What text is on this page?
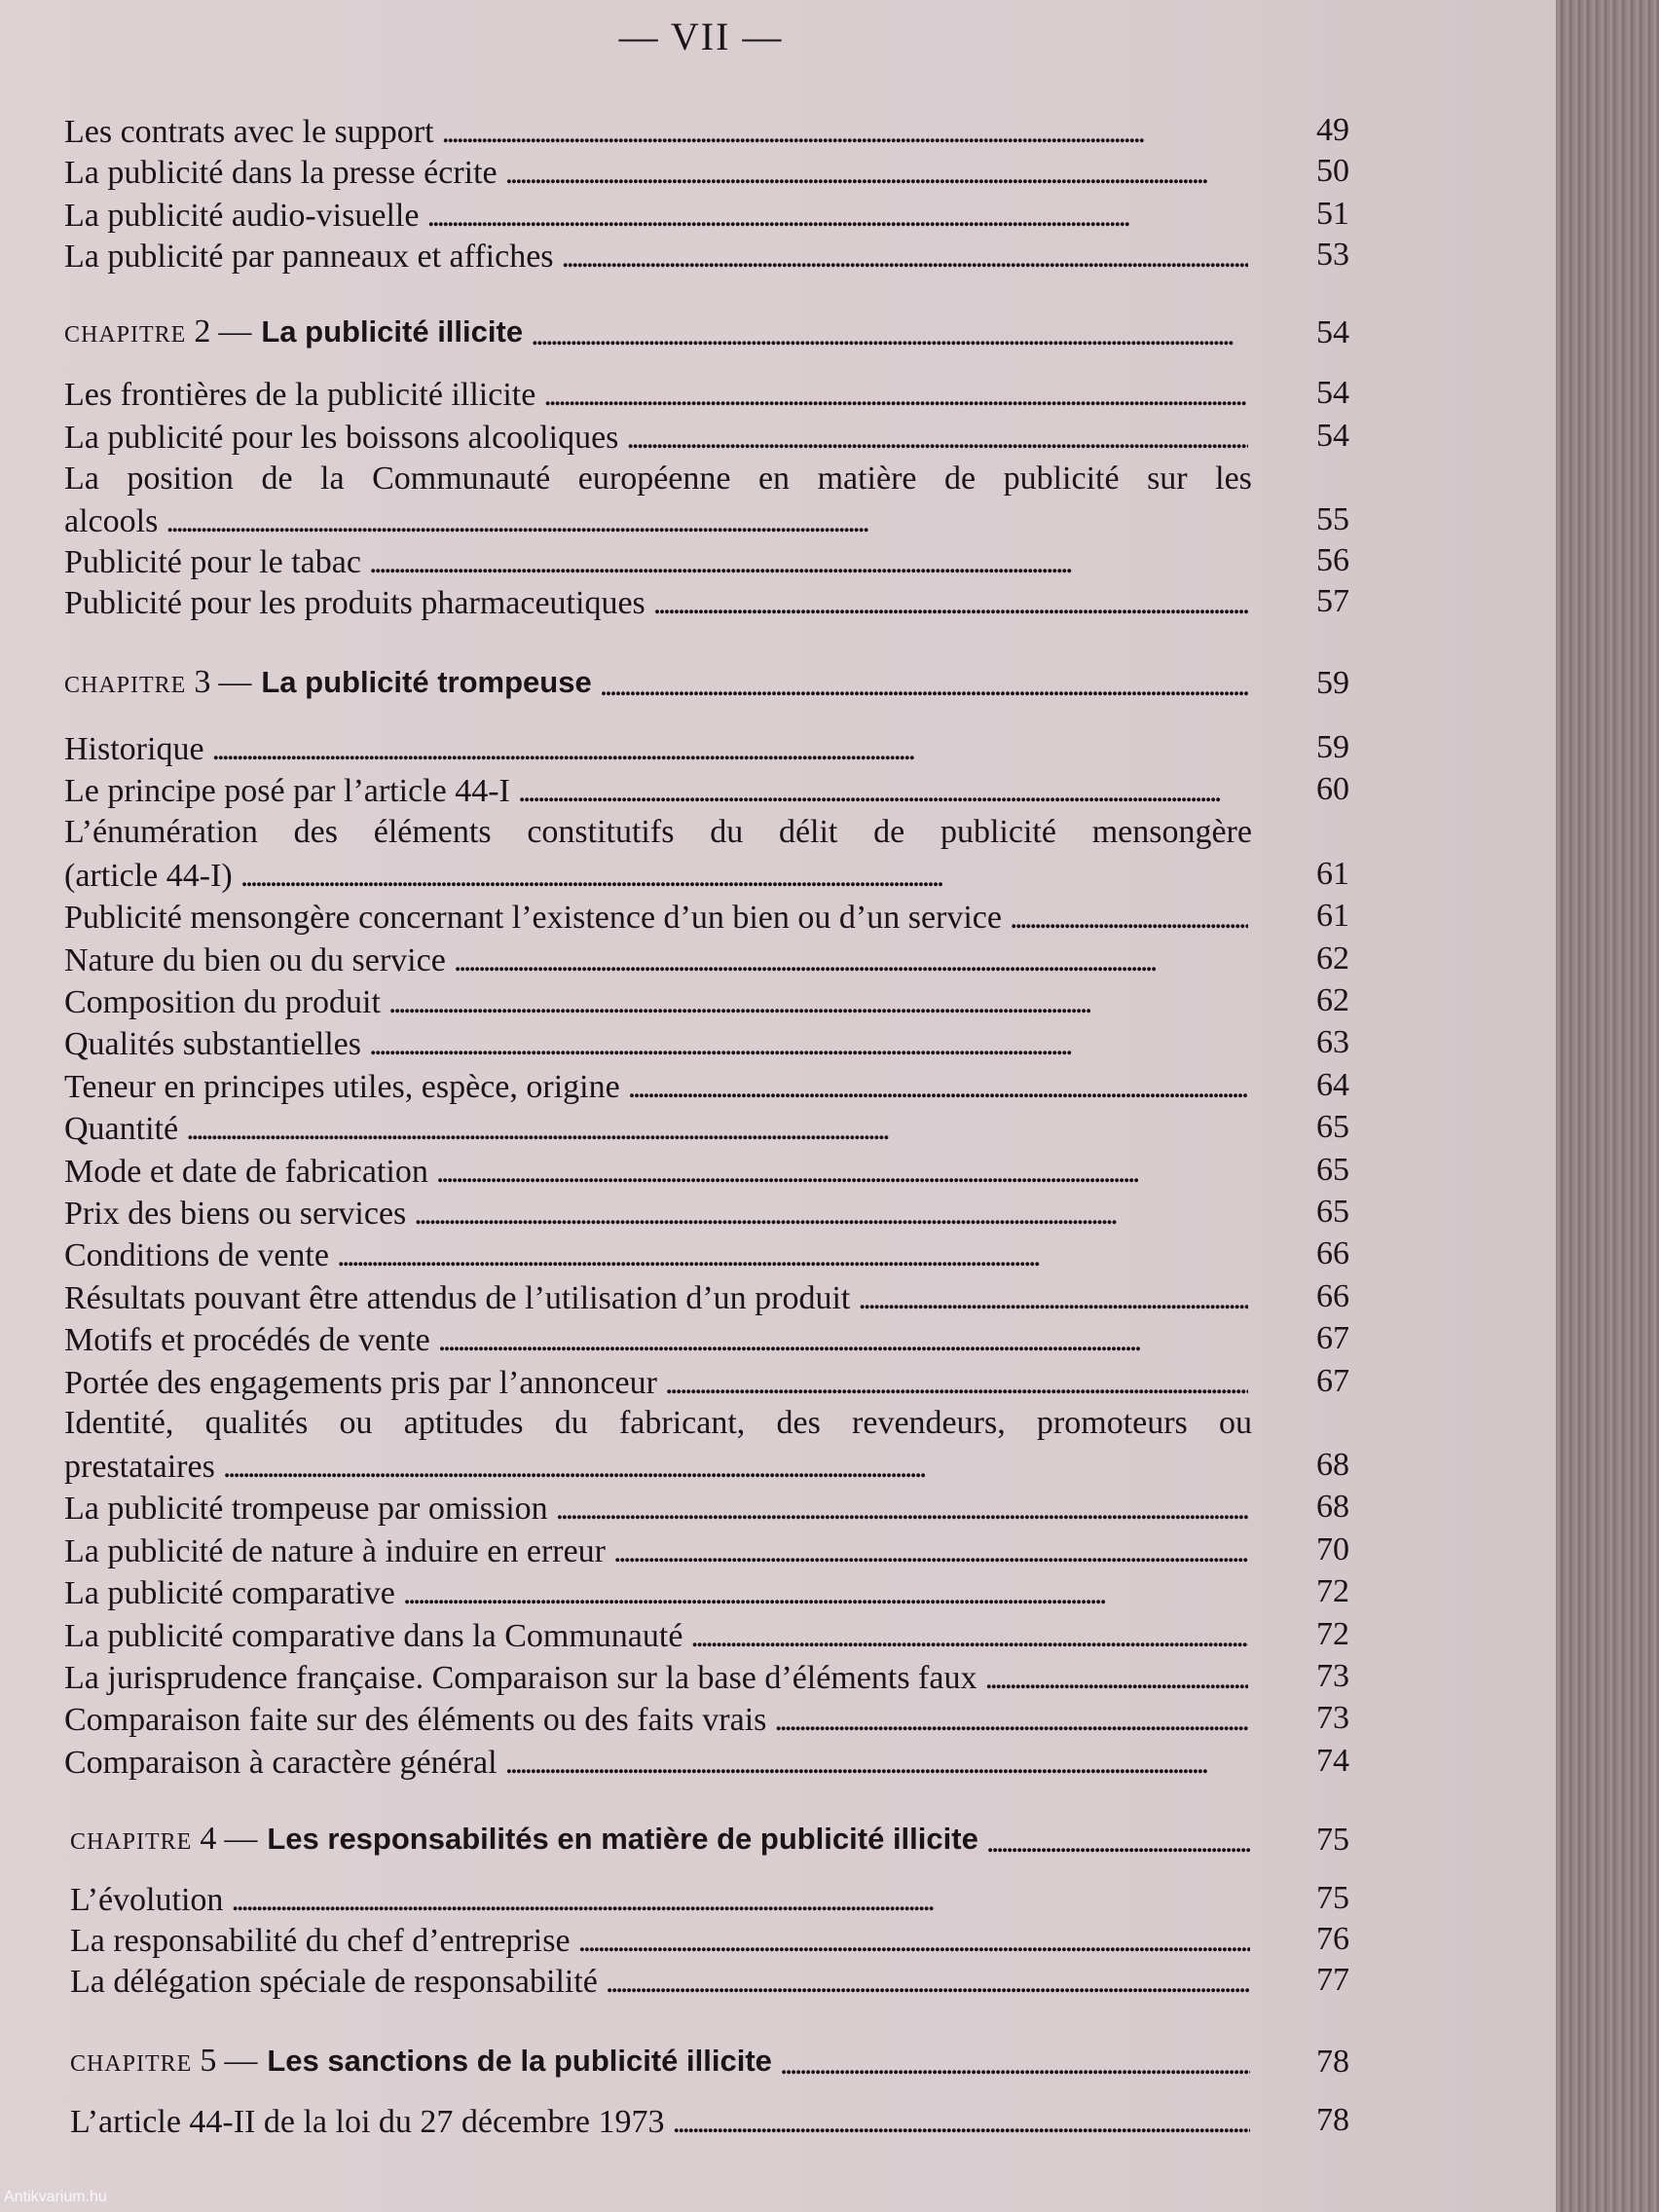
— VII —
Les contrats avec le support . . .	49
La publicité dans la presse écrite . . .	50
La publicité audio-visuelle . . .	51
La publicité par panneaux et affiches . . .	53
CHAPITRE 2 — La publicité illicite . . .	54
Les frontières de la publicité illicite . . .	54
La publicité pour les boissons alcooliques . . .	54
La position de la Communauté européenne en matière de publicité sur les
alcools . . .	55
Publicité pour le tabac . . .	56
Publicité pour les produits pharmaceutiques . . .	57
CHAPITRE 3 — La publicité trompeuse . . .	59
Historique . . .	59
Le principe posé par l’article 44-I . . .	60
L’énumération des éléments constitutifs du délit de publicité mensongère
(article 44-I) . . .	61
Publicité mensongère concernant l’existence d’un bien ou d’un service . . .	61
Nature du bien ou du service . . .	62
Composition du produit . . .	62
Qualités substantielles . . .	63
Teneur en principes utiles, espèce, origine . . .	64
Quantité . . .	65
Mode et date de fabrication . . .	65
Prix des biens ou services . . .	65
Conditions de vente . . .	66
Résultats pouvant être attendus de l’utilisation d’un produit . . .	66
Motifs et procédés de vente . . .	67
Portée des engagements pris par l’annonceur . . .	67
Identité, qualités ou aptitudes du fabricant, des revendeurs, promoteurs ou
prestataires . . .	68
La publicité trompeuse par omission . . .	68
La publicité de nature à induire en erreur . . .	70
La publicité comparative . . .	72
La publicité comparative dans la Communauté . . .	72
La jurisprudence française. Comparaison sur la base d’éléments faux . . .	73
Comparaison faite sur des éléments ou des faits vrais . . .	73
Comparaison à caractère général . . .	74
CHAPITRE 4 — Les responsabilités en matière de publicité illicite . . .	75
L’évolution . . .	75
La responsabilité du chef d’entreprise . . .	76
La délégation spéciale de responsabilité . . .	77
CHAPITRE 5 — Les sanctions de la publicité illicite . . .	78
L’article 44-II de la loi du 27 décembre 1973 . . .	78
Antikvarium.hu
